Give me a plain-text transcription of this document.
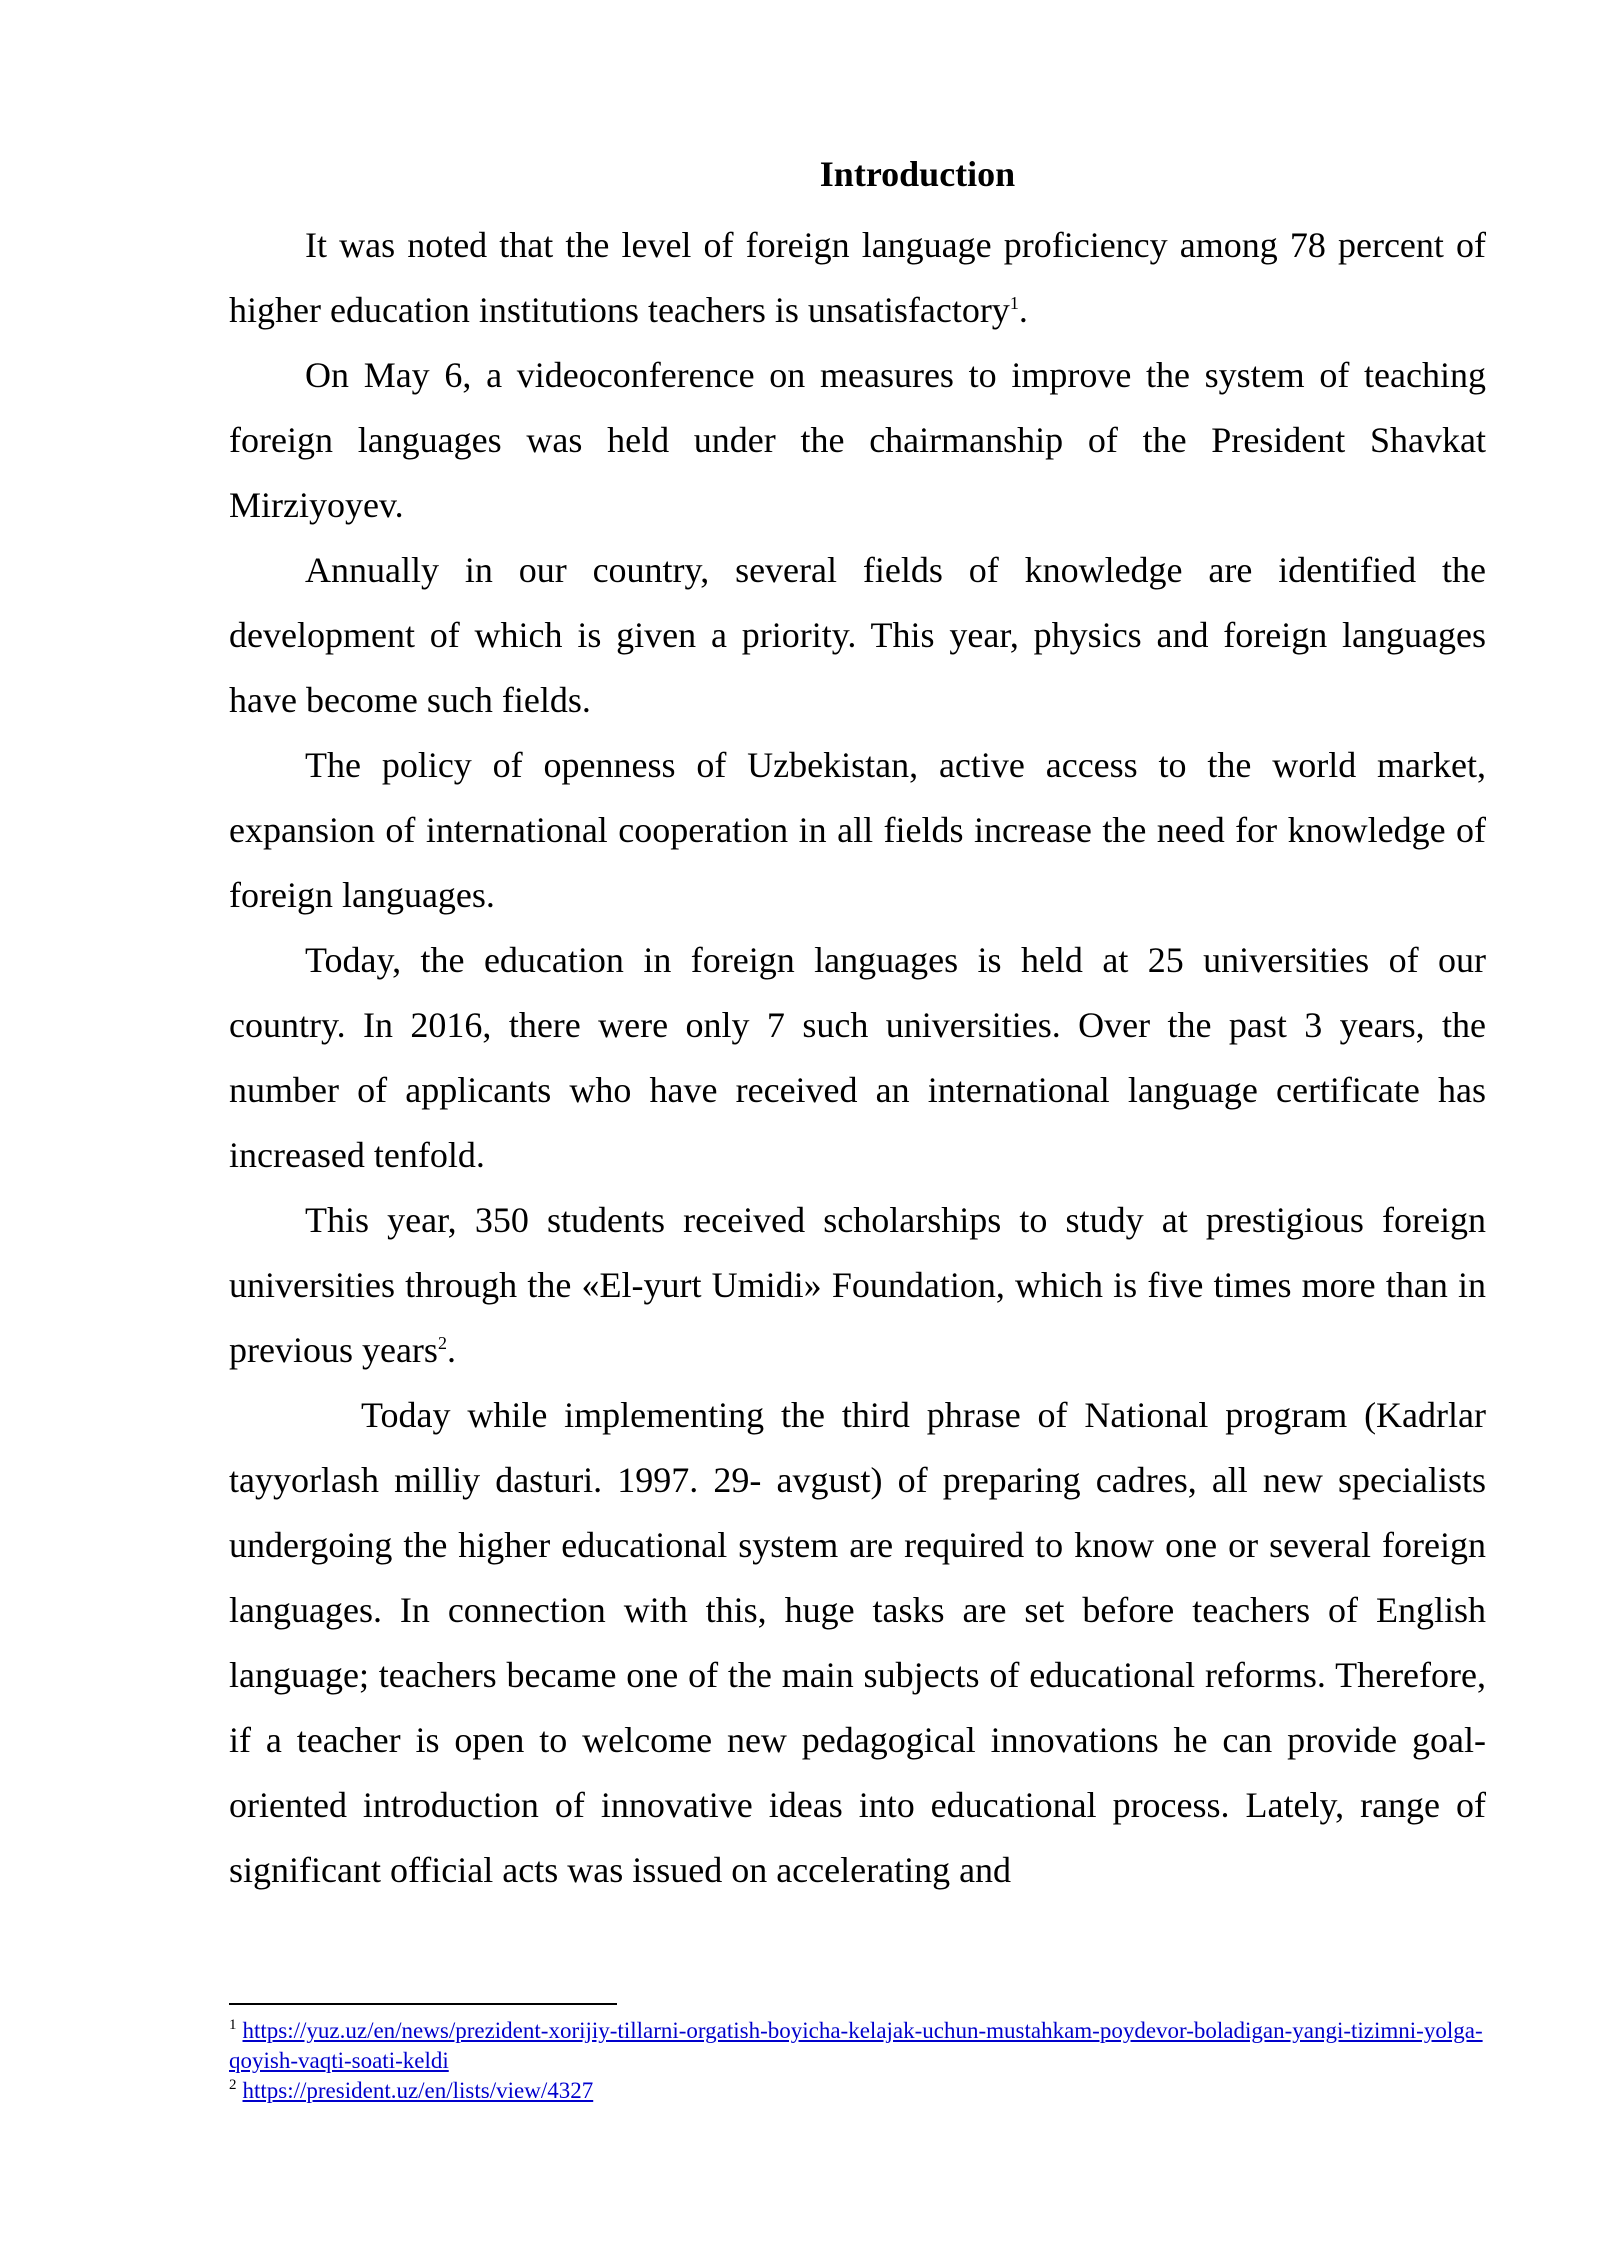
Introduction

It was noted that the level of foreign language proficiency among 78 percent of higher education institutions teachers is unsatisfactory$^1$.

On May 6, a videoconference on measures to improve the system of teaching foreign languages was held under the chairmanship of the President Shavkat Mirziyoyev.

Annually in our country, several fields of knowledge are identified the development of which is given a priority. This year, physics and foreign languages have become such fields.

The policy of openness of Uzbekistan, active access to the world market, expansion of international cooperation in all fields increase the need for knowledge of foreign languages.

Today, the education in foreign languages is held at 25 universities of our country. In 2016, there were only 7 such universities. Over the past 3 years, the number of applicants who have received an international language certificate has increased tenfold.

This year, 350 students received scholarships to study at prestigious foreign universities through the «El-yurt Umidi» Foundation, which is five times more than in previous years$^2$.

Today while implementing the third phrase of National program (Kadrlar tayyorlash milliy dasturi. 1997. 29- avgust) of preparing cadres, all new specialists undergoing the higher educational system are required to know one or several foreign languages. In connection with this, huge tasks are set before teachers of English language; teachers became one of the main subjects of educational reforms. Therefore, if a teacher is open to welcome new pedagogical innovations he can provide goal-oriented introduction of innovative ideas into educational process. Lately, range of significant official acts was issued on accelerating and

$^1$ https://yuz.uz/en/news/prezident-xorijiy-tillarni-orgatish-boyicha-kelajak-uchun-mustahkam-poydevor-boladigan-yangi-tizimni-yolga-qoyish-vaqti-soati-keldi

$^2$ https://president.uz/en/lists/view/4327
